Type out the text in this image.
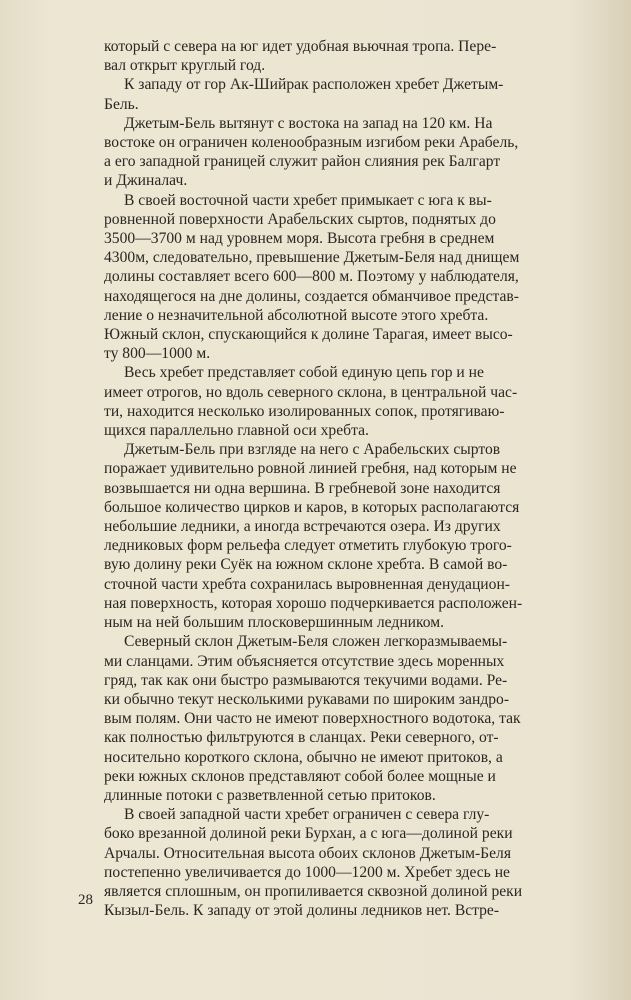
который с севера на юг идет удобная вьючная тропа. Пере-
вал открыт круглый год.
К западу от гор Ак-Шийрак расположен хребет Джетым-
Бель.
Джетым-Бель вытянут с востока на запад на 120 км. На
востоке он ограничен коленообразным изгибом реки Арабель,
а его западной границей служит район слияния рек Балгарт
и Джиналач.
В своей восточной части хребет примыкает с юга к вы-
ровненной поверхности Арабельских сыртов, поднятых до
3500—3700 м над уровнем моря. Высота гребня в среднем
4300м, следовательно, превышение Джетым-Беля над днищем
долины составляет всего 600—800 м. Поэтому у наблюдателя,
находящегося на дне долины, создается обманчивое представ-
ление о незначительной абсолютной высоте этого хребта.
Южный склон, спускающийся к долине Тарагая, имеет высо-
ту 800—1000 м.
Весь хребет представляет собой единую цепь гор и не
имеет отрогов, но вдоль северного склона, в центральной час-
ти, находится несколько изолированных сопок, протягиваю-
щихся параллельно главной оси хребта.
Джетым-Бель при взгляде на него с Арабельских сыртов
поражает удивительно ровной линией гребня, над которым не
возвышается ни одна вершина. В гребневой зоне находится
большое количество цирков и каров, в которых располагаются
небольшие ледники, а иногда встречаются озера. Из других
ледниковых форм рельефа следует отметить глубокую трого-
вую долину реки Суёк на южном склоне хребта. В самой во-
сточной части хребта сохранилась выровненная денудацион-
ная поверхность, которая хорошо подчеркивается расположен-
ным на ней большим плосковершинным ледником.
Северный склон Джетым-Беля сложен легкоразмываемы-
ми сланцами. Этим объясняется отсутствие здесь моренных
гряд, так как они быстро размываются текучими водами. Ре-
ки обычно текут несколькими рукавами по широким зандро-
вым полям. Они часто не имеют поверхностного водотока, так
как полностью фильтруются в сланцах. Реки северного, от-
носительно короткого склона, обычно не имеют притоков, а
реки южных склонов представляют собой более мощные и
длинные потоки с разветвленной сетью притоков.
В своей западной части хребет ограничен с севера глу-
боко врезанной долиной реки Бурхан, а с юга—долиной реки
Арчалы. Относительная высота обоих склонов Джетым-Беля
постепенно увеличивается до 1000—1200 м. Хребет здесь не
является сплошным, он пропиливается сквозной долиной реки
Кызыл-Бель. К западу от этой долины ледников нет. Встре-
28
